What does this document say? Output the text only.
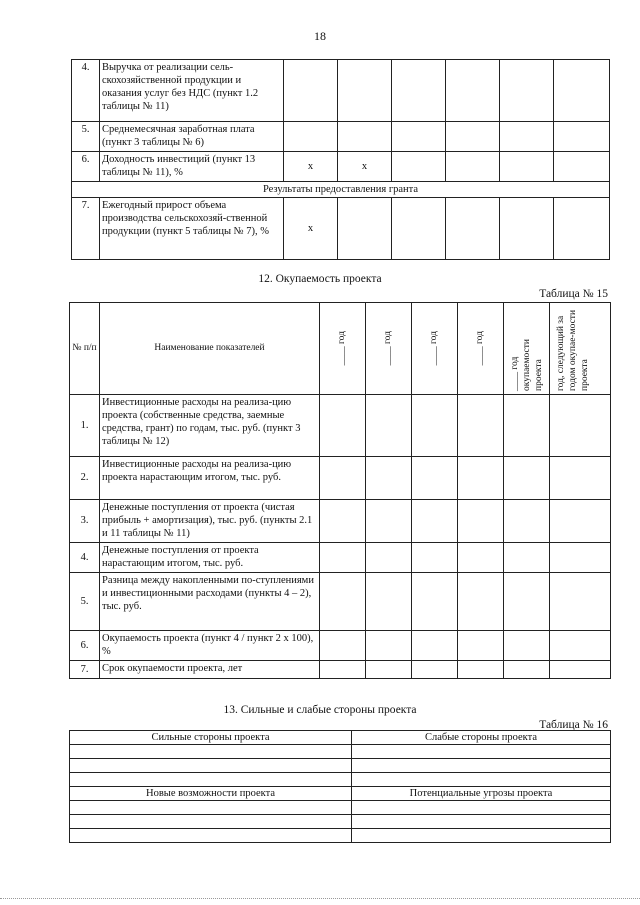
18
4.	Выручка от реализации сель-скохозяйственной продукции и оказания услуг без НДС (пункт 1.2 таблицы № 11)						
5.	Среднемесячная заработная плата (пункт 3 таблицы № 6)						
6.	Доходность инвестиций (пункт 13 таблицы № 11), %	x	x				
Результаты предоставления гранта							
7.	Ежегодный прирост объема производства сельскохозяй-ственной продукции (пункт 5 таблицы № 7), %	x					
12. Окупаемость проекта
Таблица № 15
№ п/п	Наименование показателей	____ год	____ год	____ год	____ год	____ год окупаемости проекта	год, следующий за годом окупае-мости проекта

1.	Инвестиционные расходы на реализа-цию проекта (собственные средства, заемные средства, грант) по годам, тыс. руб. (пункт 3 таблицы № 12)						
2.	Инвестиционные расходы на реализа-цию проекта нарастающим итогом, тыс. руб.						
3.	Денежные поступления от проекта (чистая прибыль + амортизация), тыс. руб. (пункты 2.1 и 11 таблицы № 11)						
4.	Денежные поступления от проекта нарастающим итогом, тыс. руб.						
5.	Разница между накопленными по-ступлениями и инвестиционными расходами (пункты 4 – 2), тыс. руб.						
6.	Окупаемость проекта (пункт 4 / пункт 2 х 100), %						
7.	Срок окупаемости проекта, лет						
13. Сильные и слабые стороны проекта
Таблица № 16
Сильные стороны проекта	Слабые стороны проекта

Новые возможности проекта	Потенциальные угрозы проекта
